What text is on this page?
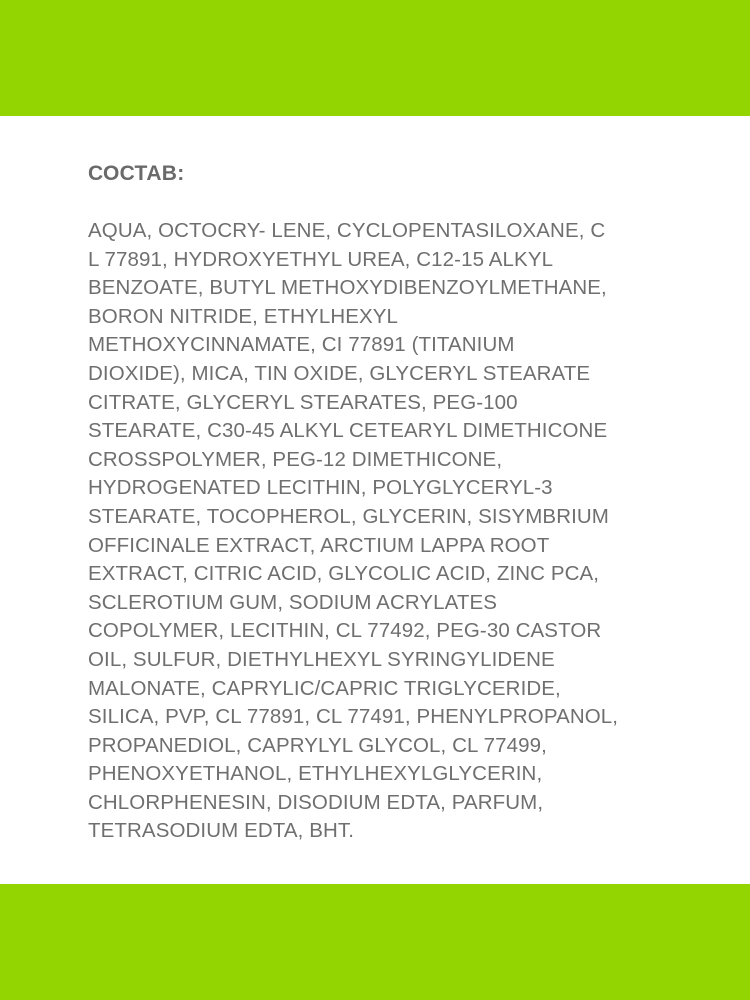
СОСТАВ:
AQUA, OCTOCRY- LENE, CYCLOPENTASILOXANE, C
L 77891, HYDROXYETHYL UREA, C12-15 ALKYL
BENZOATE, BUTYL METHOXYDIBENZOYLMETHANE,
BORON NITRIDE, ETHYLHEXYL
METHOXYCINNAMATE, CI 77891 (TITANIUM
DIOXIDE), MICA, TIN OXIDE, GLYCERYL STEARATE
CITRATE, GLYCERYL STEARATES, PEG-100
STEARATE, C30-45 ALKYL CETEARYL DIMETHICONE
CROSSPOLYMER, PEG-12 DIMETHICONE,
HYDROGENATED LECITHIN, POLYGLYCERYL-3
STEARATE, TOCOPHEROL, GLYCERIN, SISYMBRIUM
OFFICINALE EXTRACT, ARCTIUM LAPPA ROOT
EXTRACT, CITRIC ACID, GLYCOLIC ACID, ZINC PCA,
SCLEROTIUM GUM, SODIUM ACRYLATES
COPOLYMER, LECITHIN, CL 77492, PEG-30 CASTOR
OIL, SULFUR, DIETHYLHEXYL SYRINGYLIDENE
MALONATE, CAPRYLIC/CAPRIC TRIGLYCERIDE,
SILICA, PVP, CL 77891, CL 77491, PHENYLPROPANOL,
PROPANEDIOL, CAPRYLYL GLYCOL, CL 77499,
PHENOXYETHANOL, ETHYLHEXYLGLYCERIN,
CHLORPHENESIN, DISODIUM EDTA, PARFUM,
TETRASODIUM EDTA, BHT.
